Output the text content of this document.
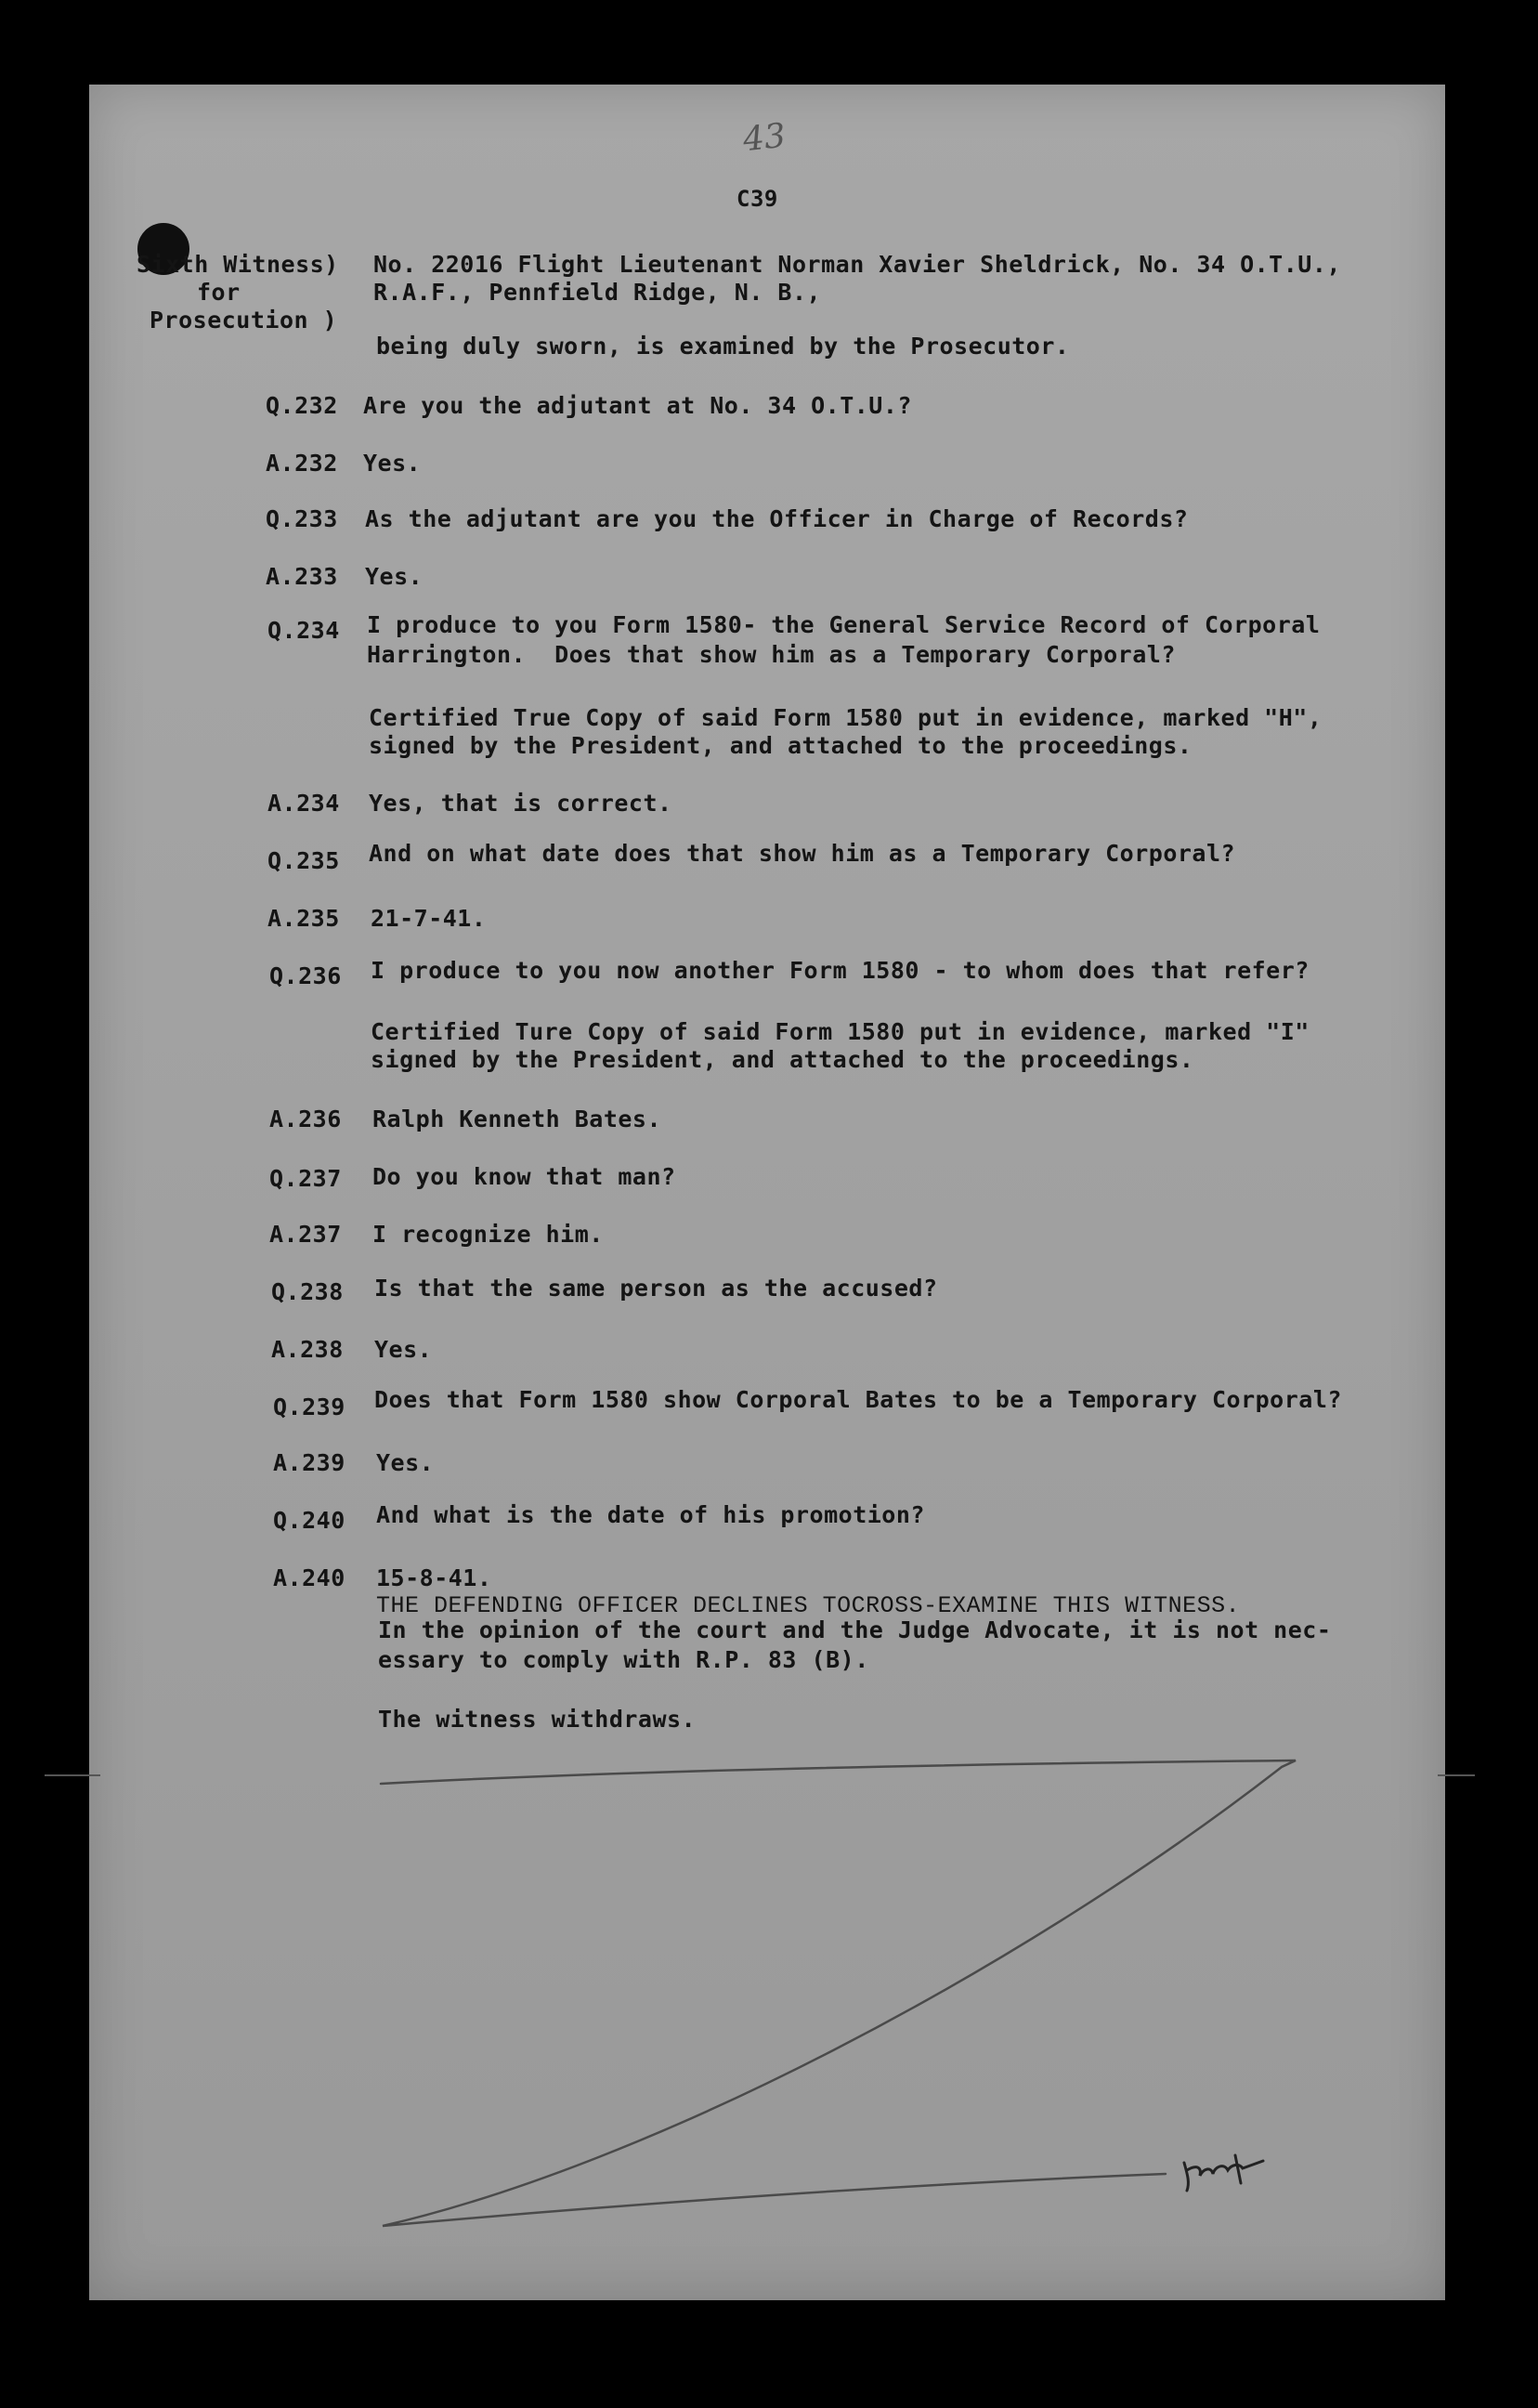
43
C39
Sixth Witness)
for
Prosecution )
No. 22016 Flight Lieutenant Norman Xavier Sheldrick, No. 34 O.T.U.,
R.A.F., Pennfield Ridge, N. B.,
being duly sworn, is examined by the Prosecutor.
Q.232 Are you the adjutant at No. 34 O.T.U.?
A.232 Yes.
Q.233 As the adjutant are you the Officer in Charge of Records?
A.233 Yes.
Q.234 I produce to you Form 1580- the General Service Record of Corporal
Harrington.  Does that show him as a Temporary Corporal?
Certified True Copy of said Form 1580 put in evidence, marked "H",
signed by the President, and attached to the proceedings.
A.234 Yes, that is correct.
Q.235 And on what date does that show him as a Temporary Corporal?
A.235 21-7-41.
Q.236 I produce to you now another Form 1580 - to whom does that refer?
Certified Ture Copy of said Form 1580 put in evidence, marked "I"
signed by the President, and attached to the proceedings.
A.236 Ralph Kenneth Bates.
Q.237 Do you know that man?
A.237 I recognize him.
Q.238 Is that the same person as the accused?
A.238 Yes.
Q.239 Does that Form 1580 show Corporal Bates to be a Temporary Corporal?
A.239 Yes.
Q.240 And what is the date of his promotion?
A.240 15-8-41.
THE DEFENDING OFFICER DECLINES TOCROSS-EXAMINE THIS WITNESS.
In the opinion of the court and the Judge Advocate, it is not nec-
essary to comply with R.P. 83 (B).
The witness withdraws.
